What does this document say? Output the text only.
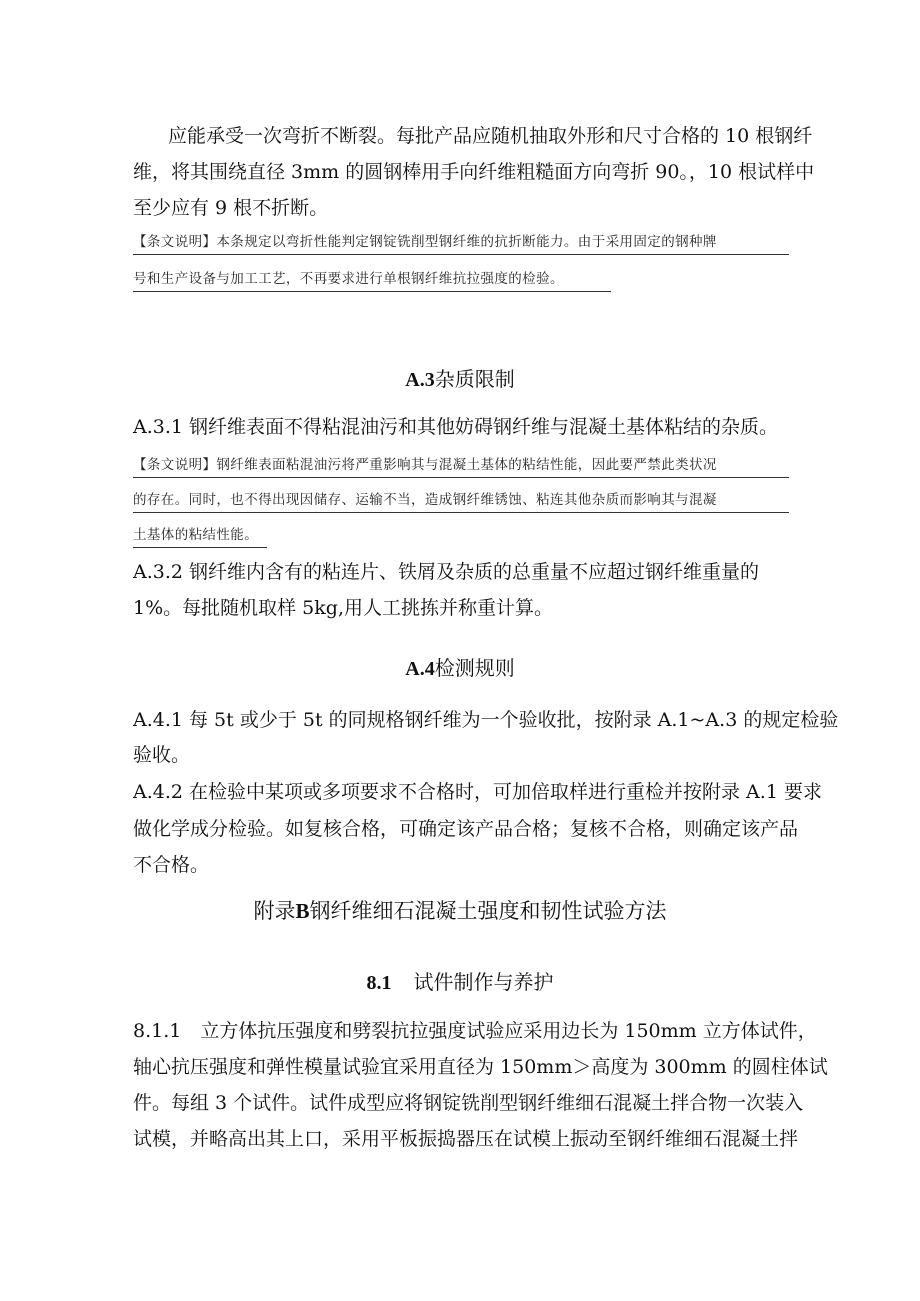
应能承受一次弯折不断裂。每批产品应随机抽取外形和尺寸合格的 10 根钢纤
维，将其围绕直径 3mm 的圆钢棒用手向纤维粗糙面方向弯折 90。，10 根试样中
至少应有 9 根不折断。
【条文说明】本条规定以弯折性能判定钢锭铣削型钢纤维的抗折断能力。由于采用固定的钢种牌
号和生产设备与加工工艺，不再要求进行单根钢纤维抗拉强度的检验。
A.3杂质限制
A.3.1 钢纤维表面不得粘混油污和其他妨碍钢纤维与混凝土基体粘结的杂质。
【条文说明】钢纤维表面粘混油污将严重影响其与混凝土基体的粘结性能，因此要严禁此类状况
的存在。同时，也不得出现因储存、运输不当，造成钢纤维锈蚀、粘连其他杂质而影响其与混凝
土基体的粘结性能。
A.3.2 钢纤维内含有的粘连片、铁屑及杂质的总重量不应超过钢纤维重量的
1%。每批随机取样 5kg,用人工挑拣并称重计算。
A.4检测规则
A.4.1 每 5t 或少于 5t 的同规格钢纤维为一个验收批，按附录 A.1~A.3 的规定检验
验收。
A.4.2 在检验中某项或多项要求不合格时，可加倍取样进行重检并按附录 A.1 要求
做化学成分检验。如复核合格，可确定该产品合格；复核不合格，则确定该产品
不合格。
附录B钢纤维细石混凝土强度和韧性试验方法
8.1 试件制作与养护
8.1.1　立方体抗压强度和劈裂抗拉强度试验应采用边长为 150mm 立方体试件，
轴心抗压强度和弹性模量试验宜采用直径为 150mm＞高度为 300mm 的圆柱体试
件。每组 3 个试件。试件成型应将钢锭铣削型钢纤维细石混凝土拌合物一次装入
试模，并略高出其上口，采用平板振捣器压在试模上振动至钢纤维细石混凝土拌
